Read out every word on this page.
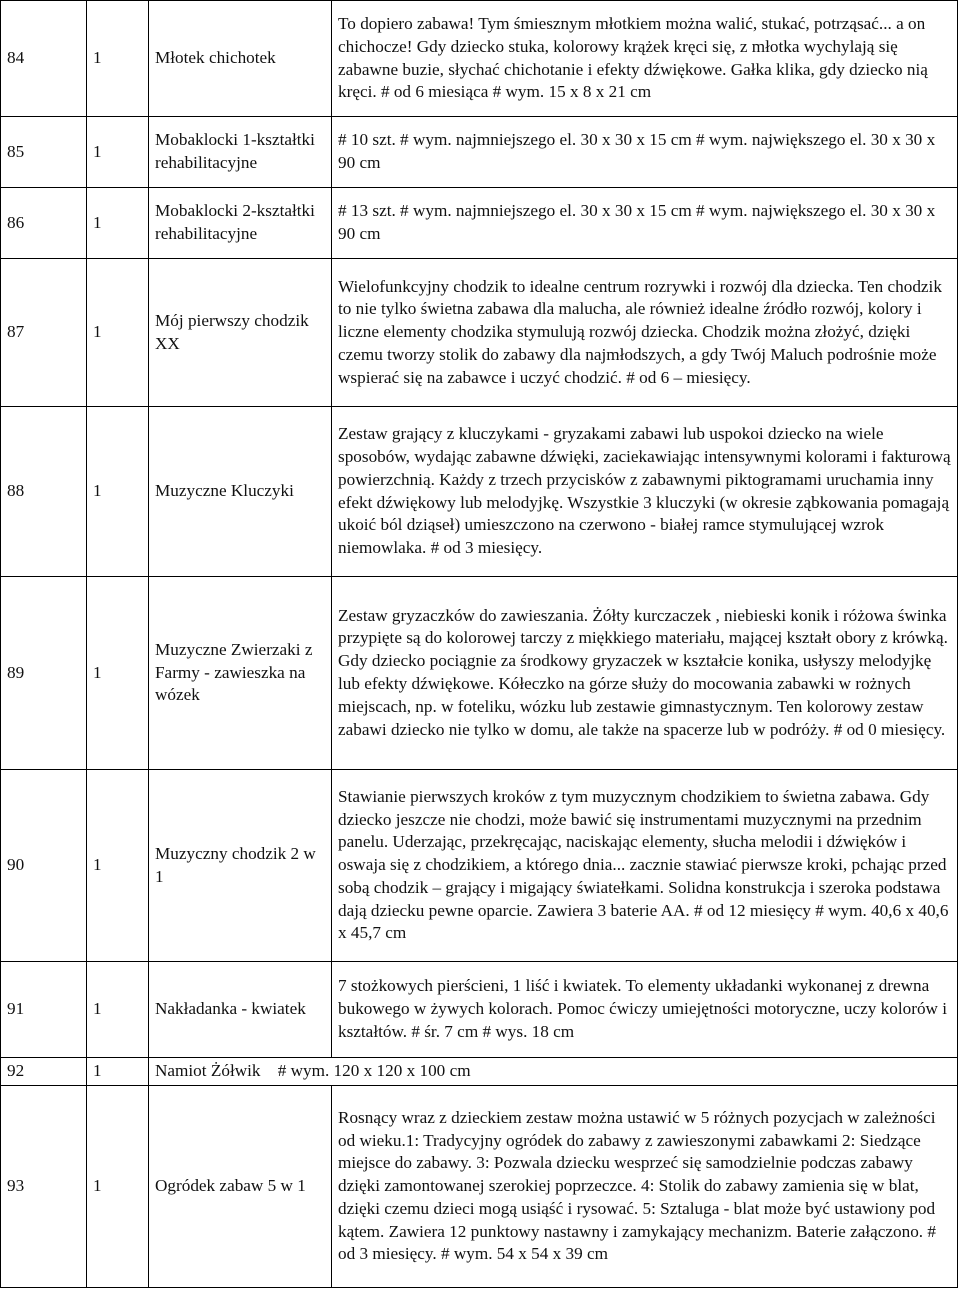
84	1	Młotek chichotek	To dopiero zabawa! Tym śmiesznym młotkiem można walić, stukać, potrząsać... a on chichocze! Gdy dziecko stuka, kolorowy krążek kręci się, z młotka wychylają się zabawne buzie, słychać chichotanie i efekty dźwiękowe. Gałka klika, gdy dziecko nią kręci. # od 6 miesiąca # wym. 15 x 8 x 21 cm
85	1	Mobaklocki 1-kształtki rehabilitacyjne	# 10 szt. # wym. najmniejszego el. 30 x 30 x 15 cm # wym. największego el. 30 x 30 x 90 cm
86	1	Mobaklocki 2-kształtki rehabilitacyjne	# 13 szt. # wym. najmniejszego el. 30 x 30 x 15 cm # wym. największego el. 30 x 30 x 90 cm
87	1	Mój pierwszy chodzik XX	Wielofunkcyjny chodzik to idealne centrum rozrywki i rozwój dla dziecka. Ten chodzik to nie tylko świetna zabawa dla malucha, ale również idealne źródło rozwój, kolory i liczne elementy chodzika stymulują rozwój dziecka. Chodzik można złożyć, dzięki czemu tworzy stolik do zabawy dla najmłodszych, a gdy Twój Maluch podrośnie może wspierać się na zabawce i uczyć chodzić. # od 6 – miesięcy.
88	1	Muzyczne Kluczyki	Zestaw grający z kluczykami - gryzakami zabawi lub uspokoi dziecko na wiele sposobów, wydając zabawne dźwięki, zaciekawiając intensywnymi kolorami i fakturową powierzchnią. Każdy z trzech przycisków z zabawnymi piktogramami uruchamia inny efekt dźwiękowy lub melodyjkę. Wszystkie 3 kluczyki (w okresie ząbkowania pomagają ukoić ból dziąseł) umieszczono na czerwono - białej ramce stymulującej wzrok niemowlaka. # od 3 miesięcy.
89	1	Muzyczne Zwierzaki z Farmy - zawieszka na wózek	Zestaw gryzaczków do zawieszania. Żółty kurczaczek , niebieski konik i różowa świnka przypięte są do kolorowej tarczy z miękkiego materiału, mającej kształt obory z krówką. Gdy dziecko pociągnie za środkowy gryzaczek w kształcie konika, usłyszy melodyjkę lub efekty dźwiękowe. Kółeczko na górze służy do mocowania zabawki w rożnych miejscach, np. w foteliku, wózku lub zestawie gimnastycznym. Ten kolorowy zestaw zabawi dziecko nie tylko w domu, ale także na spacerze lub w podróży. # od 0 miesięcy.
90	1	Muzyczny chodzik 2 w 1	Stawianie pierwszych kroków z tym muzycznym chodzikiem to świetna zabawa. Gdy dziecko jeszcze nie chodzi, może bawić się instrumentami muzycznymi na przednim panelu. Uderzając, przekręcając, naciskając elementy, słucha melodii i dźwięków i oswaja się z chodzikiem, a którego dnia... zacznie stawiać pierwsze kroki, pchając przed sobą chodzik – grający i migający światełkami. Solidna konstrukcja i szeroka podstawa dają dziecku pewne oparcie. Zawiera 3 baterie AA. # od 12 miesięcy # wym. 40,6 x 40,6 x 45,7 cm
91	1	Nakładanka - kwiatek	7 stożkowych pierścieni, 1 liść i kwiatek. To elementy układanki wykonanej z drewna bukowego w żywych kolorach. Pomoc ćwiczy umiejętności motoryczne, uczy kolorów i kształtów. # śr. 7 cm # wys. 18 cm
92	1	Namiot Żółwik    # wym. 120 x 120 x 100 cm	
93	1	Ogródek zabaw 5 w 1	Rosnący wraz z dzieckiem zestaw można ustawić w 5 różnych pozycjach w zależności od wieku.1: Tradycyjny ogródek do zabawy z zawieszonymi zabawkami 2: Siedzące miejsce do zabawy. 3: Pozwala dziecku wesprzeć się samodzielnie podczas zabawy dzięki zamontowanej szerokiej poprzeczce. 4: Stolik do zabawy zamienia się w blat, dzięki czemu dzieci mogą usiąść i rysować. 5: Sztaluga - blat może być ustawiony pod kątem. Zawiera 12 punktowy nastawny i zamykający mechanizm. Baterie załączono. # od 3 miesięcy. # wym. 54 x 54 x 39 cm
